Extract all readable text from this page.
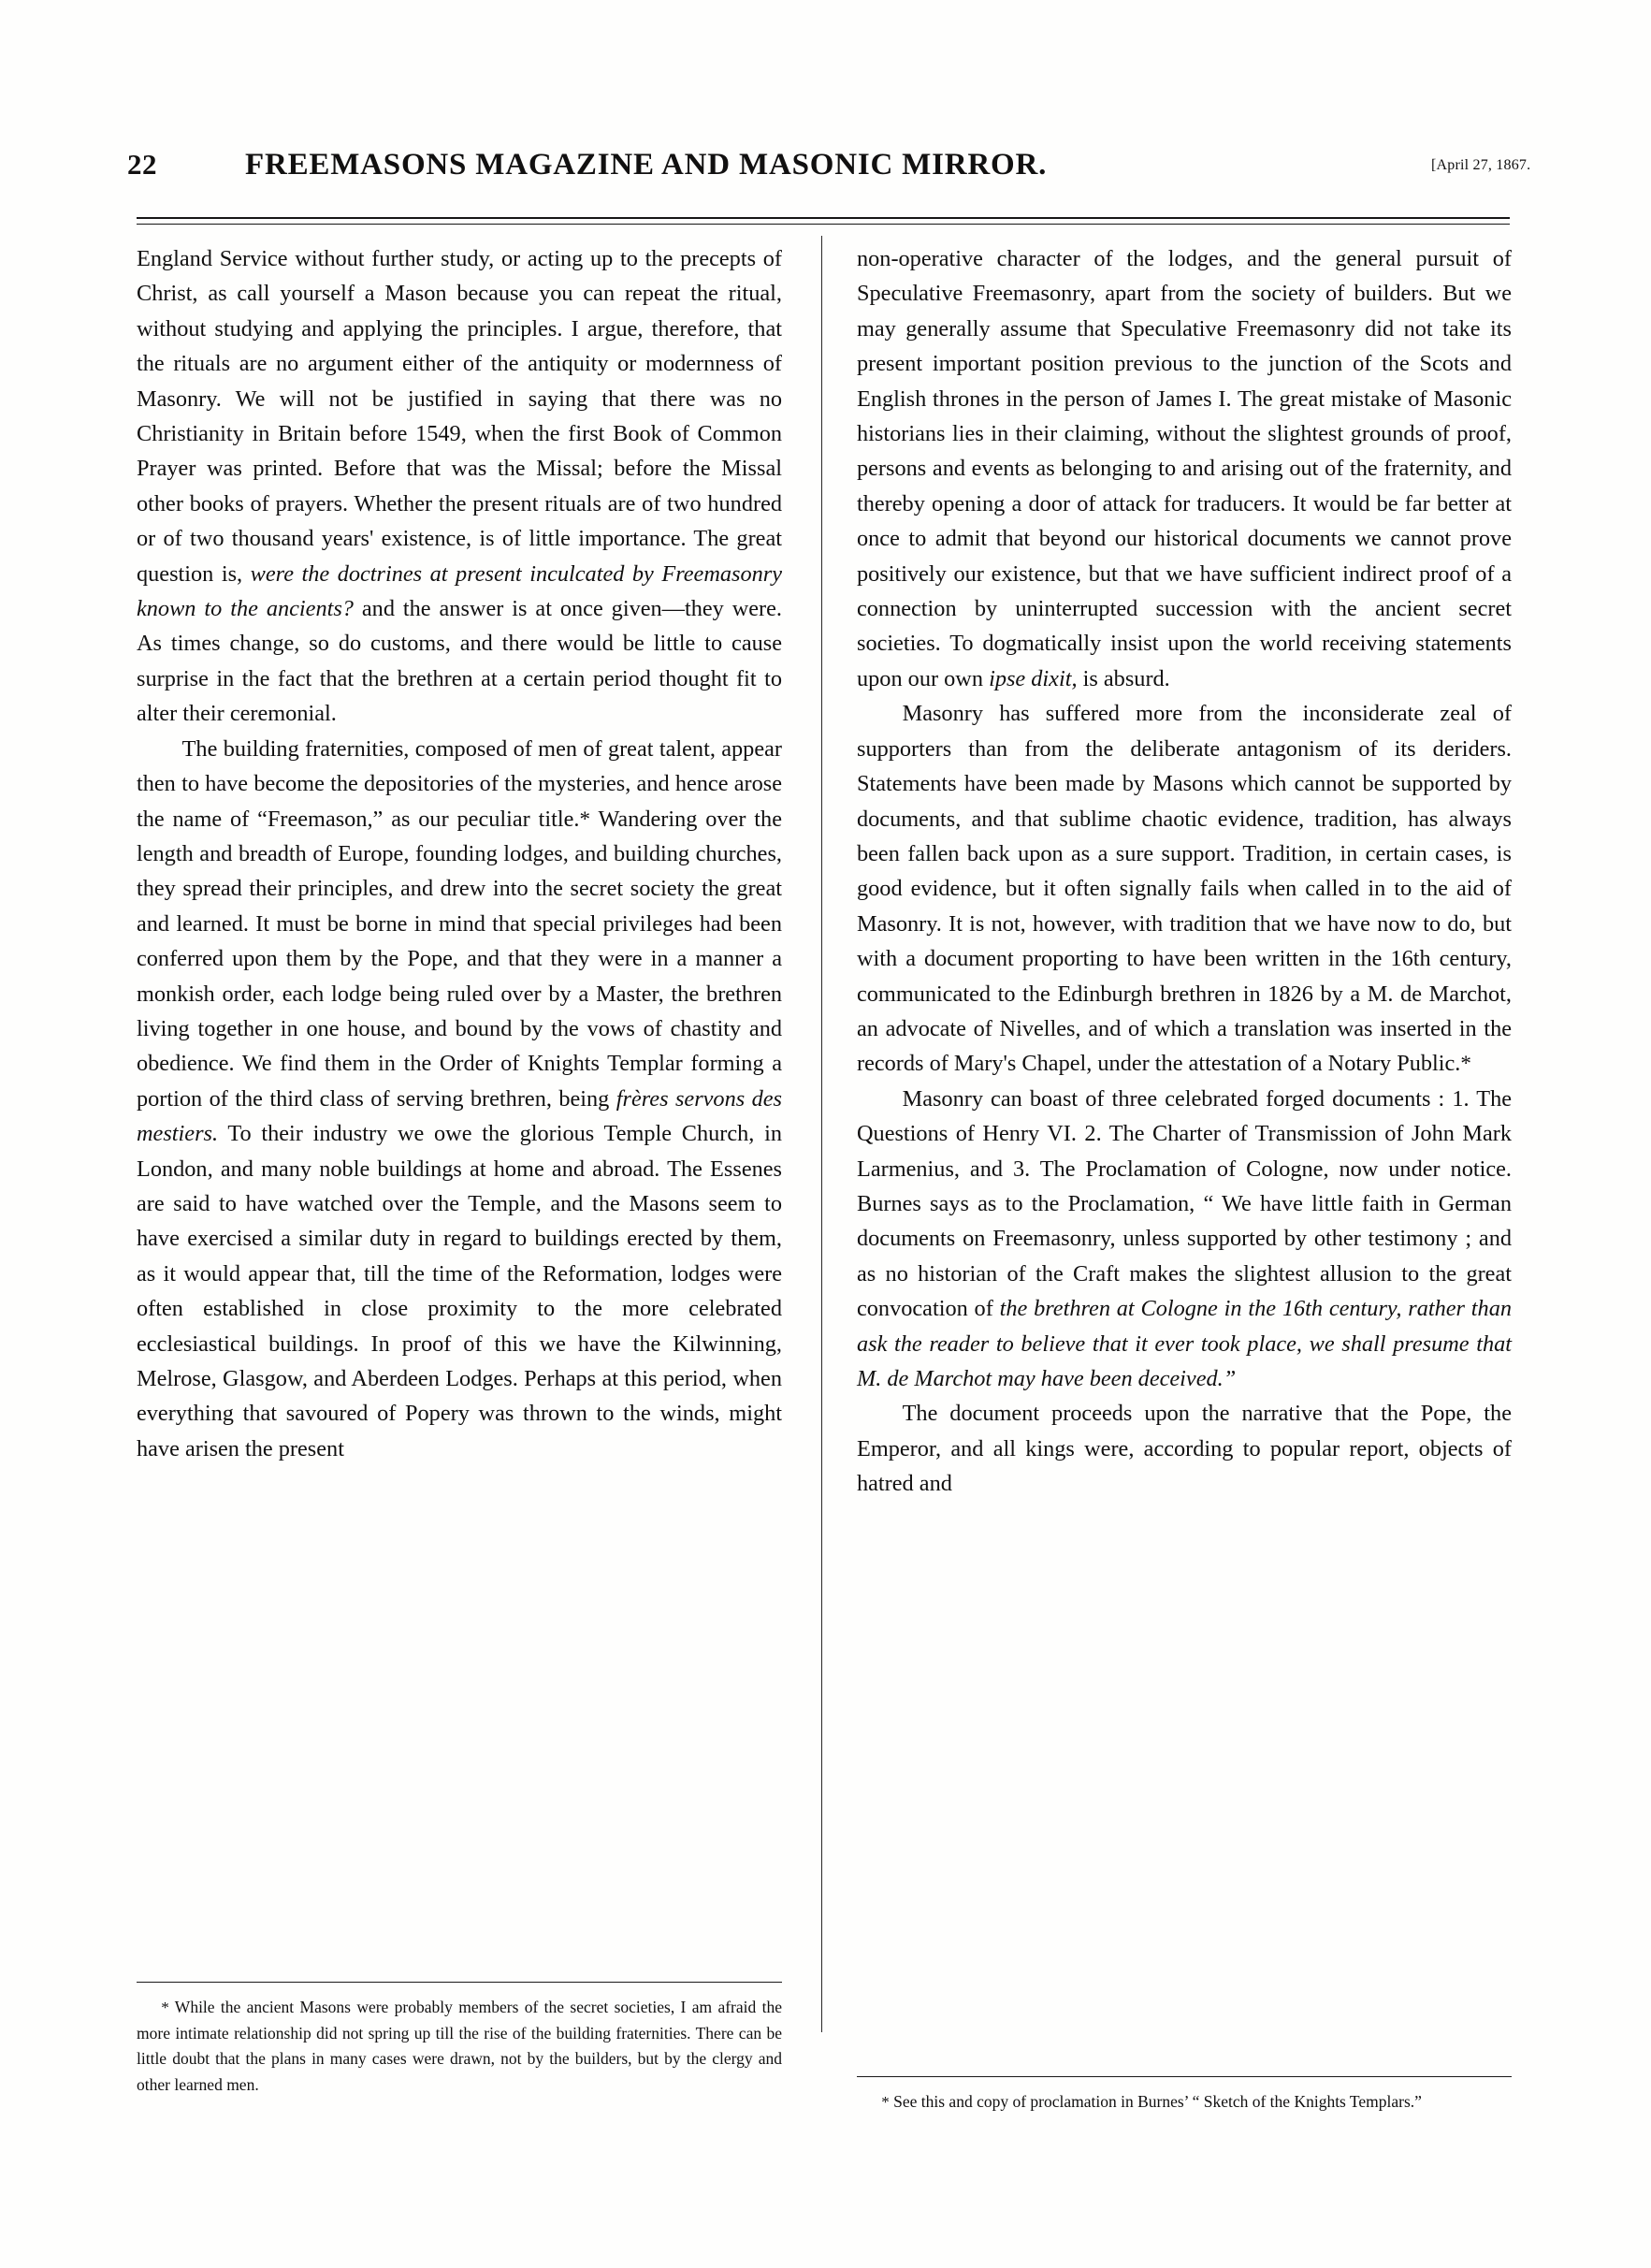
22	FREEMASONS MAGAZINE AND MASONIC MIRROR.	[April 27, 1867.

England Service without further study, or acting up to the precepts of Christ, as call yourself a Mason because you can repeat the ritual, without studying and applying the principles. I argue, therefore, that the rituals are no argument either of the antiquity or modernness of Masonry. We will not be justified in saying that there was no Christianity in Britain before 1549, when the first Book of Common Prayer was printed. Before that was the Missal; before the Missal other books of prayers. Whether the present rituals are of two hundred or of two thousand years' existence, is of little importance. The great question is, were the doctrines at present inculcated by Freemasonry known to the ancients? and the answer is at once given—they were. As times change, so do customs, and there would be little to cause surprise in the fact that the brethren at a certain period thought fit to alter their ceremonial.

The building fraternities, composed of men of great talent, appear then to have become the depositories of the mysteries, and hence arose the name of “Freemason,” as our peculiar title.* Wandering over the length and breadth of Europe, founding lodges, and building churches, they spread their principles, and drew into the secret society the great and learned. It must be borne in mind that special privileges had been conferred upon them by the Pope, and that they were in a manner a monkish order, each lodge being ruled over by a Master, the brethren living together in one house, and bound by the vows of chastity and obedience. We find them in the Order of Knights Templar forming a portion of the third class of serving brethren, being frères servons des mestiers. To their industry we owe the glorious Temple Church, in London, and many noble buildings at home and abroad. The Essenes are said to have watched over the Temple, and the Masons seem to have exercised a similar duty in regard to buildings erected by them, as it would appear that, till the time of the Reformation, lodges were often established in close proximity to the more celebrated ecclesiastical buildings. In proof of this we have the Kilwinning, Melrose, Glasgow, and Aberdeen Lodges. Perhaps at this period, when everything that savoured of Popery was thrown to the winds, might have arisen the present

* While the ancient Masons were probably members of the secret societies, I am afraid the more intimate relationship did not spring up till the rise of the building fraternities. There can be little doubt that the plans in many cases were drawn, not by the builders, but by the clergy and other learned men.

non-operative character of the lodges, and the general pursuit of Speculative Freemasonry, apart from the society of builders. But we may generally assume that Speculative Freemasonry did not take its present important position previous to the junction of the Scots and English thrones in the person of James I. The great mistake of Masonic historians lies in their claiming, without the slightest grounds of proof, persons and events as belonging to and arising out of the fraternity, and thereby opening a door of attack for traducers. It would be far better at once to admit that beyond our historical documents we cannot prove positively our existence, but that we have sufficient indirect proof of a connection by uninterrupted succession with the ancient secret societies. To dogmatically insist upon the world receiving statements upon our own ipse dixit, is absurd.

Masonry has suffered more from the inconsiderate zeal of supporters than from the deliberate antagonism of its deriders. Statements have been made by Masons which cannot be supported by documents, and that sublime chaotic evidence, tradition, has always been fallen back upon as a sure support. Tradition, in certain cases, is good evidence, but it often signally fails when called in to the aid of Masonry. It is not, however, with tradition that we have now to do, but with a document proporting to have been written in the 16th century, communicated to the Edinburgh brethren in 1826 by a M. de Marchot, an advocate of Nivelles, and of which a translation was inserted in the records of Mary's Chapel, under the attestation of a Notary Public.*

Masonry can boast of three celebrated forged documents : 1. The Questions of Henry VI. 2. The Charter of Transmission of John Mark Larmenius, and 3. The Proclamation of Cologne, now under notice. Burnes says as to the Proclamation, “ We have little faith in German documents on Freemasonry, unless supported by other testimony ; and as no historian of the Craft makes the slightest allusion to the great convocation of the brethren at Cologne in the 16th century, rather than ask the reader to believe that it ever took place, we shall presume that M. de Marchot may have been deceived.”

The document proceeds upon the narrative that the Pope, the Emperor, and all kings were, according to popular report, objects of hatred and

* See this and copy of proclamation in Burnes’ “ Sketch of the Knights Templars.”
